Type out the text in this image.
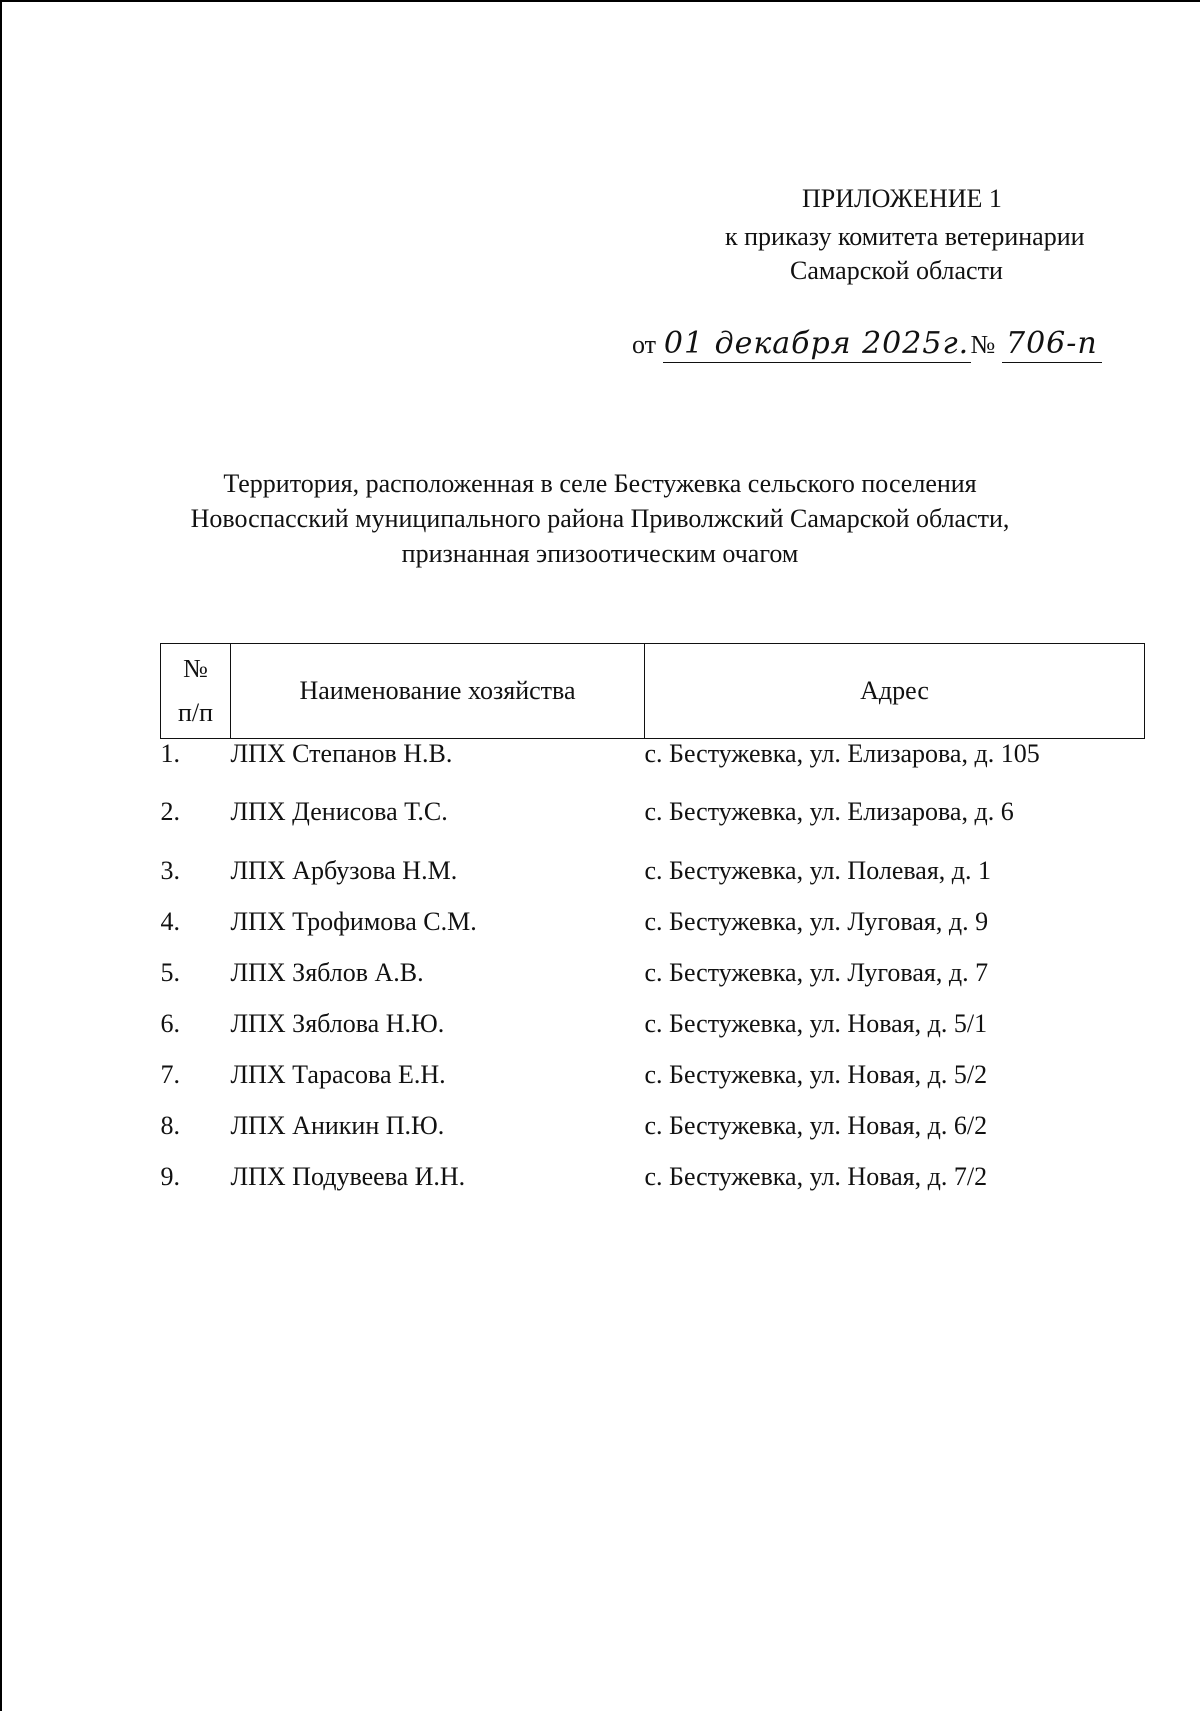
ПРИЛОЖЕНИЕ 1
к приказу комитета ветеринарии
Самарской области
от 01 декабря 2025г.№ 706-п
Территория, расположенная в селе Бестужевка сельского поселения
Новоспасский муниципального района Приволжский Самарской области,
признанная эпизоотическим очагом
№
п/п	Наименование хозяйства	Адрес
1.	ЛПХ Степанов Н.В.	с. Бестужевка, ул. Елизарова, д. 105
2.	ЛПХ Денисова Т.С.	с. Бестужевка, ул. Елизарова, д. 6
3.	ЛПХ Арбузова Н.М.	с. Бестужевка, ул. Полевая, д. 1
4.	ЛПХ Трофимова С.М.	с. Бестужевка, ул. Луговая, д. 9
5.	ЛПХ Зяблов А.В.	с. Бестужевка, ул. Луговая, д. 7
6.	ЛПХ Зяблова Н.Ю.	с. Бестужевка, ул. Новая, д. 5/1
7.	ЛПХ Тарасова Е.Н.	с. Бестужевка, ул. Новая, д. 5/2
8.	ЛПХ Аникин П.Ю.	с. Бестужевка, ул. Новая, д. 6/2
9.	ЛПХ Подувеева И.Н.	с. Бестужевка, ул. Новая, д. 7/2
